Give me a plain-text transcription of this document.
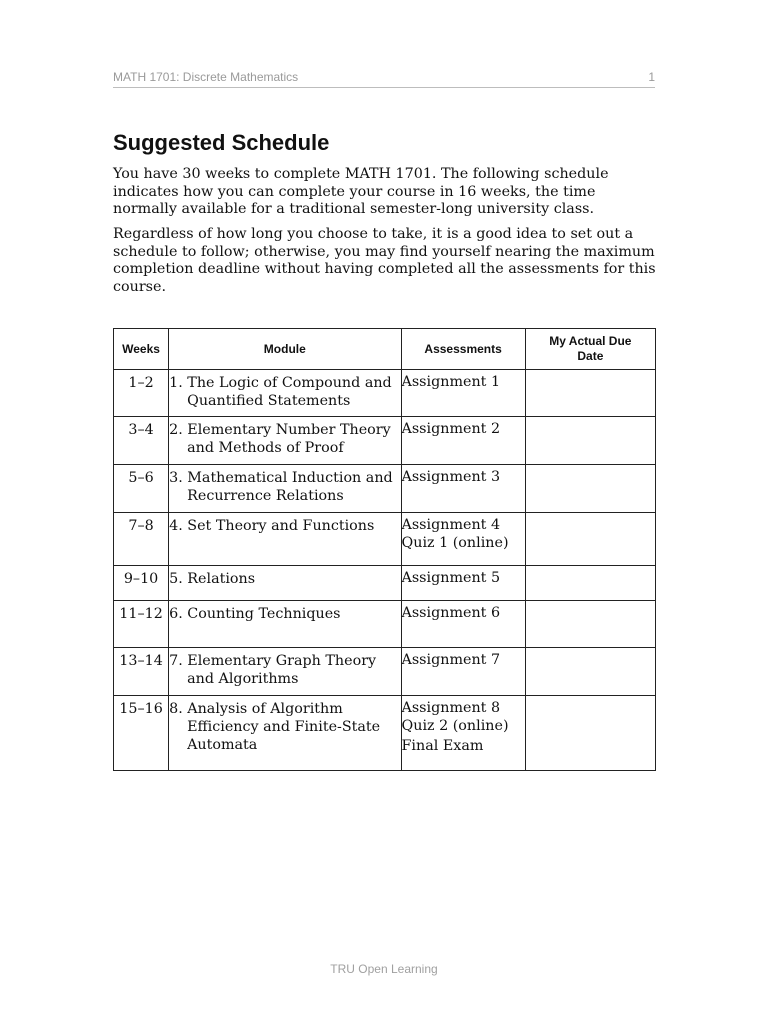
MATH 1701: Discrete Mathematics	1
Suggested Schedule

You have 30 weeks to complete MATH 1701. The following schedule indicates how you can complete your course in 16 weeks, the time normally available for a traditional semester-long university class.

Regardless of how long you choose to take, it is a good idea to set out a schedule to follow; otherwise, you may find yourself nearing the maximum completion deadline without having completed all the assessments for this course.

Weeks	Module	Assessments	My Actual Due Date
1–2	1. The Logic of Compound and Quantified Statements	Assignment 1	

3–4	2. Elementary Number Theory and Methods of Proof	Assignment 2	

5–6	3. Mathematical Induction and Recurrence Relations	Assignment 3	

7–8	4. Set Theory and Functions	Assignment 4
Quiz 1 (online)	

9–10	5. Relations	Assignment 5	

11–12	6. Counting Techniques	Assignment 6	

13–14	7. Elementary Graph Theory and Algorithms	Assignment 7	

15–16	8. Analysis of Algorithm Efficiency and Finite-State Automata	Assignment 8
Quiz 2 (online)
Final Exam	

TRU Open Learning
